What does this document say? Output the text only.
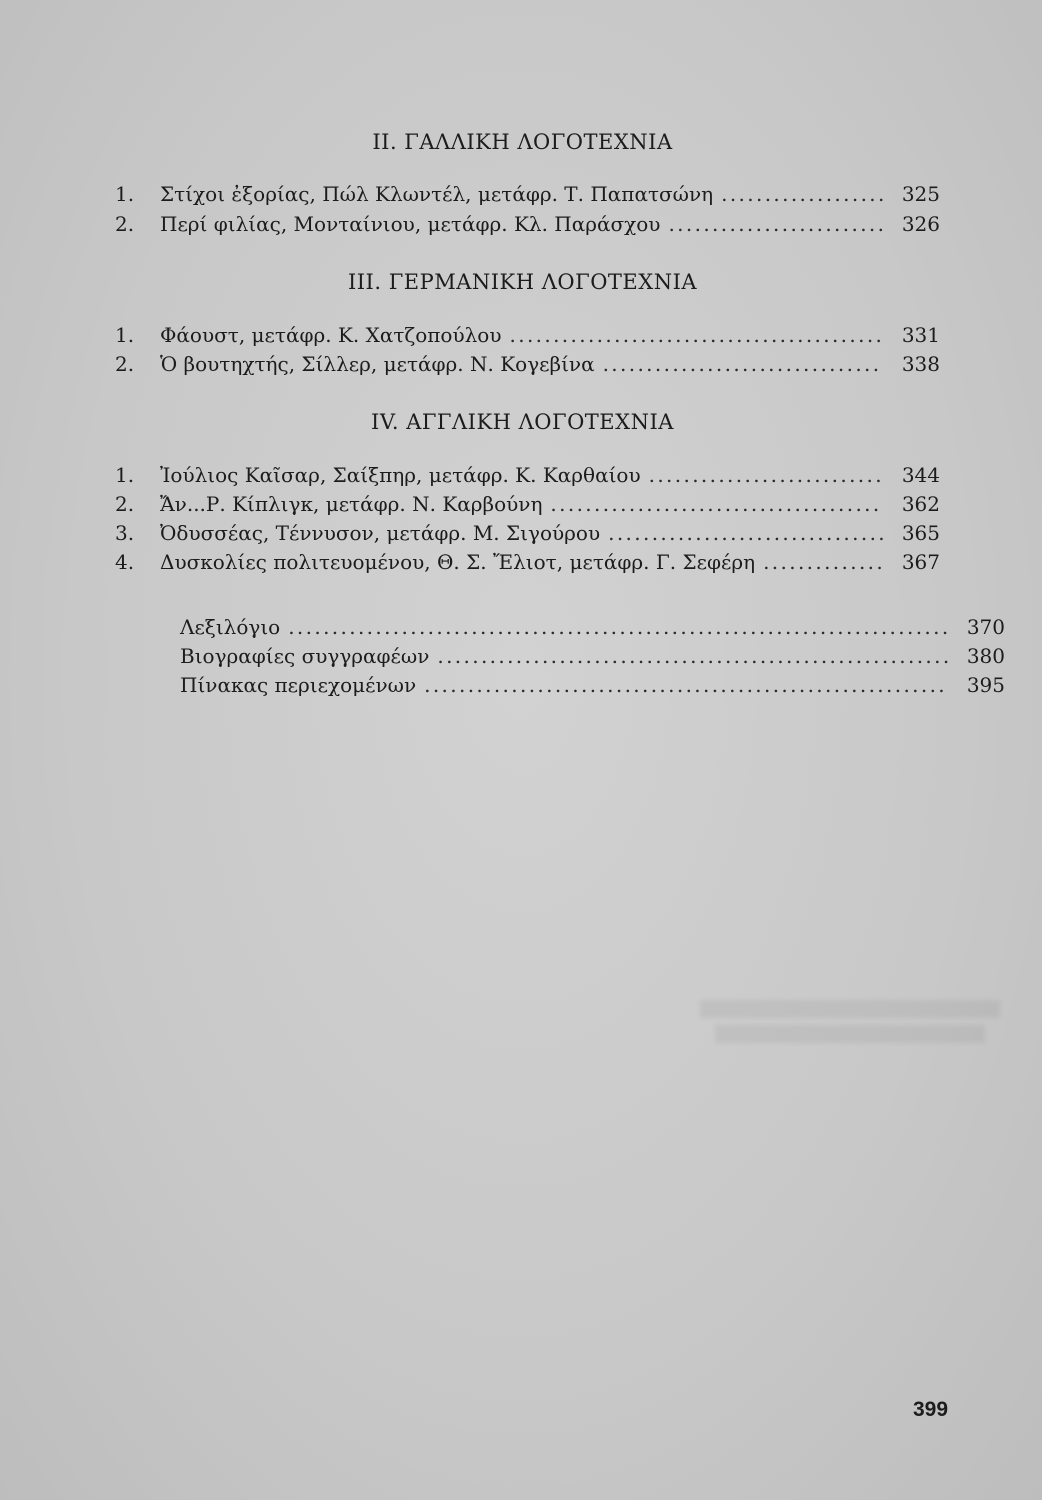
II. ΓΑΛΛΙΚΗ ΛΟΓΟΤΕΧΝΙΑ
1.	Στίχοι ἐξορίας, Πώλ Κλωντέλ, μετάφρ. Τ. Παπατσώνη . . .	325
2.	Περί φιλίας, Μονταίνιου, μετάφρ. Κλ. Παράσχου . . .	326
III. ΓΕΡΜΑΝΙΚΗ ΛΟΓΟΤΕΧΝΙΑ
1.	Φάουστ, μετάφρ. Κ. Χατζοπούλου . . .	331
2.	Ὁ βουτηχτής, Σίλλερ, μετάφρ. Ν. Κογεβίνα . . .	338
IV. ΑΓΓΛΙΚΗ ΛΟΓΟΤΕΧΝΙΑ
1.	Ἰούλιος Καῖσαρ, Σαίξπηρ, μετάφρ. Κ. Καρθαίου . . .	344
2.	Ἄν...Ρ. Κίπλιγκ, μετάφρ. Ν. Καρβούνη . . .	362
3.	Ὀδυσσέας, Τέννυσον, μετάφρ. Μ. Σιγούρου . . .	365
4.	Δυσκολίες πολιτευομένου, Θ. Σ. Ἔλιοτ, μετάφρ. Γ. Σεφέρη . . .	367
Λεξιλόγιο . . .	370
Βιογραφίες συγγραφέων . . .	380
Πίνακας περιεχομένων . . .	395
399
